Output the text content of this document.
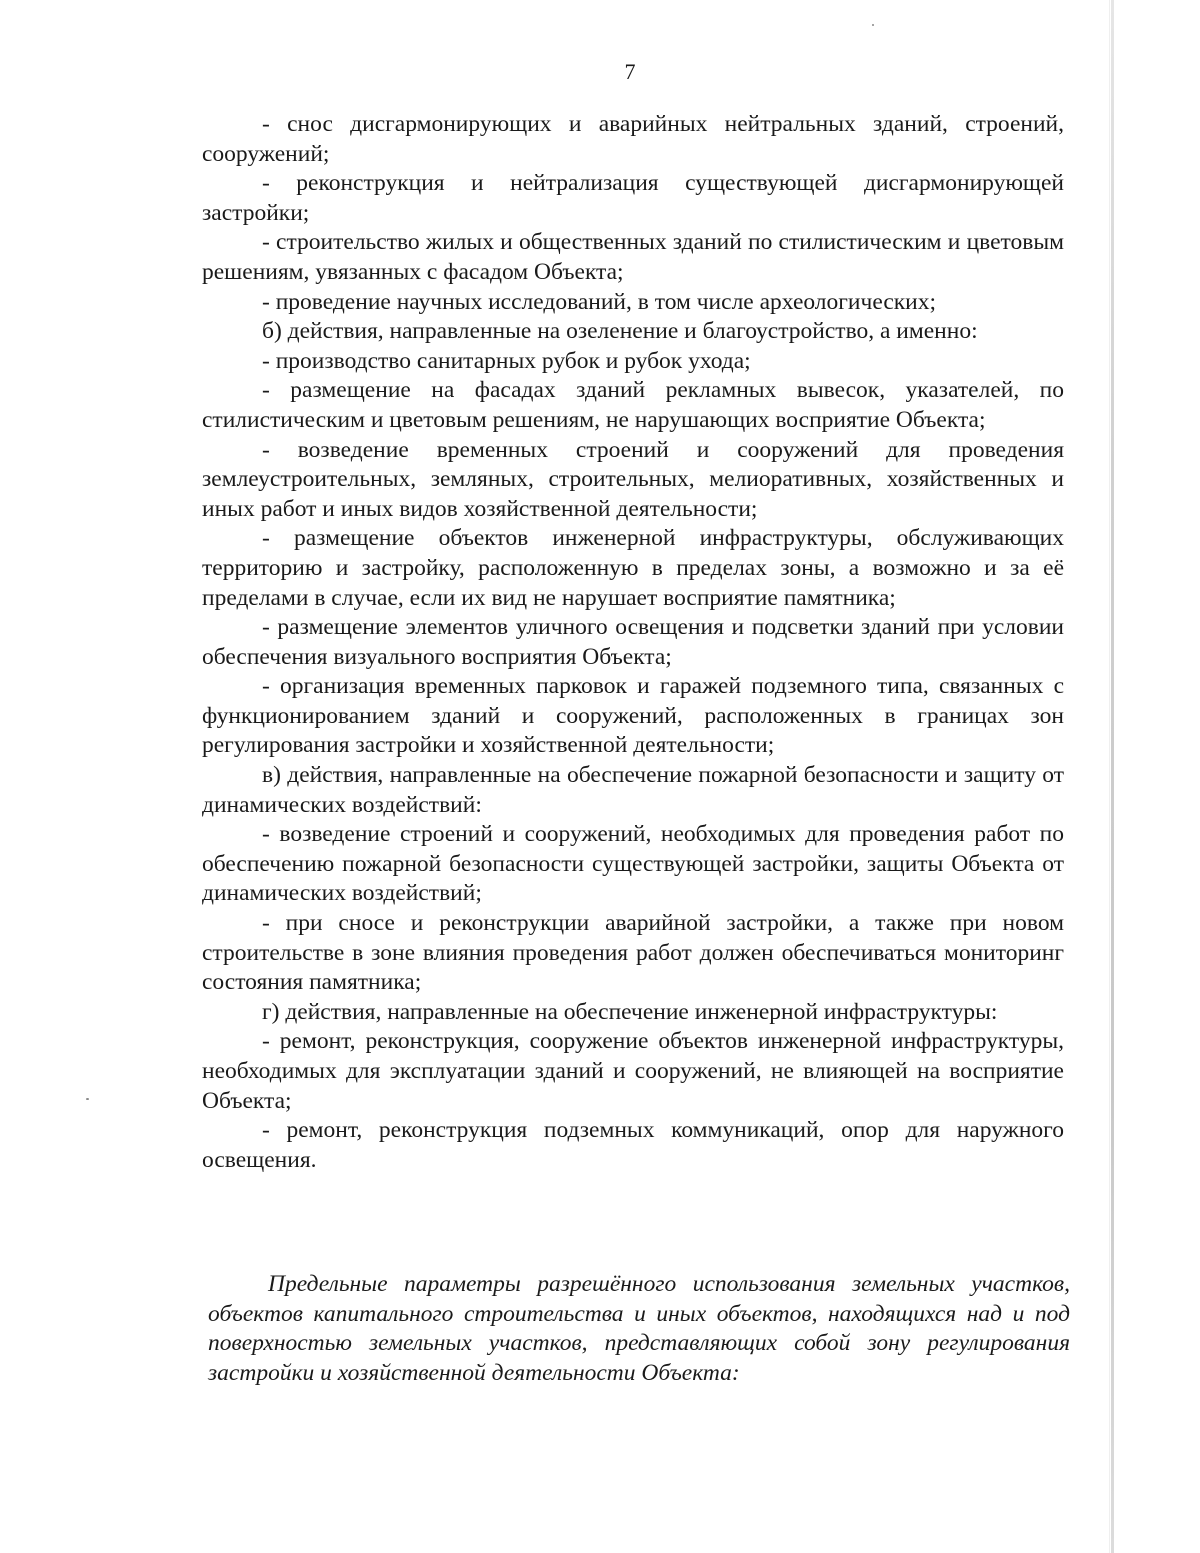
7

- снос дисгармонирующих и аварийных нейтральных зданий, строений, сооружений;

- реконструкция и нейтрализация существующей дисгармонирующей застройки;

- строительство жилых и общественных зданий по стилистическим и цветовым решениям, увязанных с фасадом Объекта;

- проведение научных исследований, в том числе археологических;

б) действия, направленные на озеленение и благоустройство, а именно:

- производство санитарных рубок и рубок ухода;

- размещение на фасадах зданий рекламных вывесок, указателей, по стилистическим и цветовым решениям, не нарушающих восприятие Объекта;

- возведение временных строений и сооружений для проведения землеустроительных, земляных, строительных, мелиоративных, хозяйственных и иных работ и иных видов хозяйственной деятельности;

- размещение объектов инженерной инфраструктуры, обслуживающих территорию и застройку, расположенную в пределах зоны, а возможно и за её пределами в случае, если их вид не нарушает восприятие памятника;

- размещение элементов уличного освещения и подсветки зданий при условии обеспечения визуального восприятия Объекта;

- организация временных парковок и гаражей подземного типа, связанных с функционированием зданий и сооружений, расположенных в границах зон регулирования застройки и хозяйственной деятельности;

в) действия, направленные на обеспечение пожарной безопасности и защиту от динамических воздействий:

- возведение строений и сооружений, необходимых для проведения работ по обеспечению пожарной безопасности существующей застройки, защиты Объекта от динамических воздействий;

- при сносе и реконструкции аварийной застройки, а также при новом строительстве в зоне влияния проведения работ должен обеспечиваться мониторинг состояния памятника;

г) действия, направленные на обеспечение инженерной инфраструктуры:

- ремонт, реконструкция, сооружение объектов инженерной инфраструктуры, необходимых для эксплуатации зданий и сооружений, не влияющей на восприятие Объекта;

- ремонт, реконструкция подземных коммуникаций, опор для наружного освещения.

Предельные параметры разрешённого использования земельных участков, объектов капитального строительства и иных объектов, находящихся над и под поверхностью земельных участков, представляющих собой зону регулирования застройки и хозяйственной деятельности Объекта:
